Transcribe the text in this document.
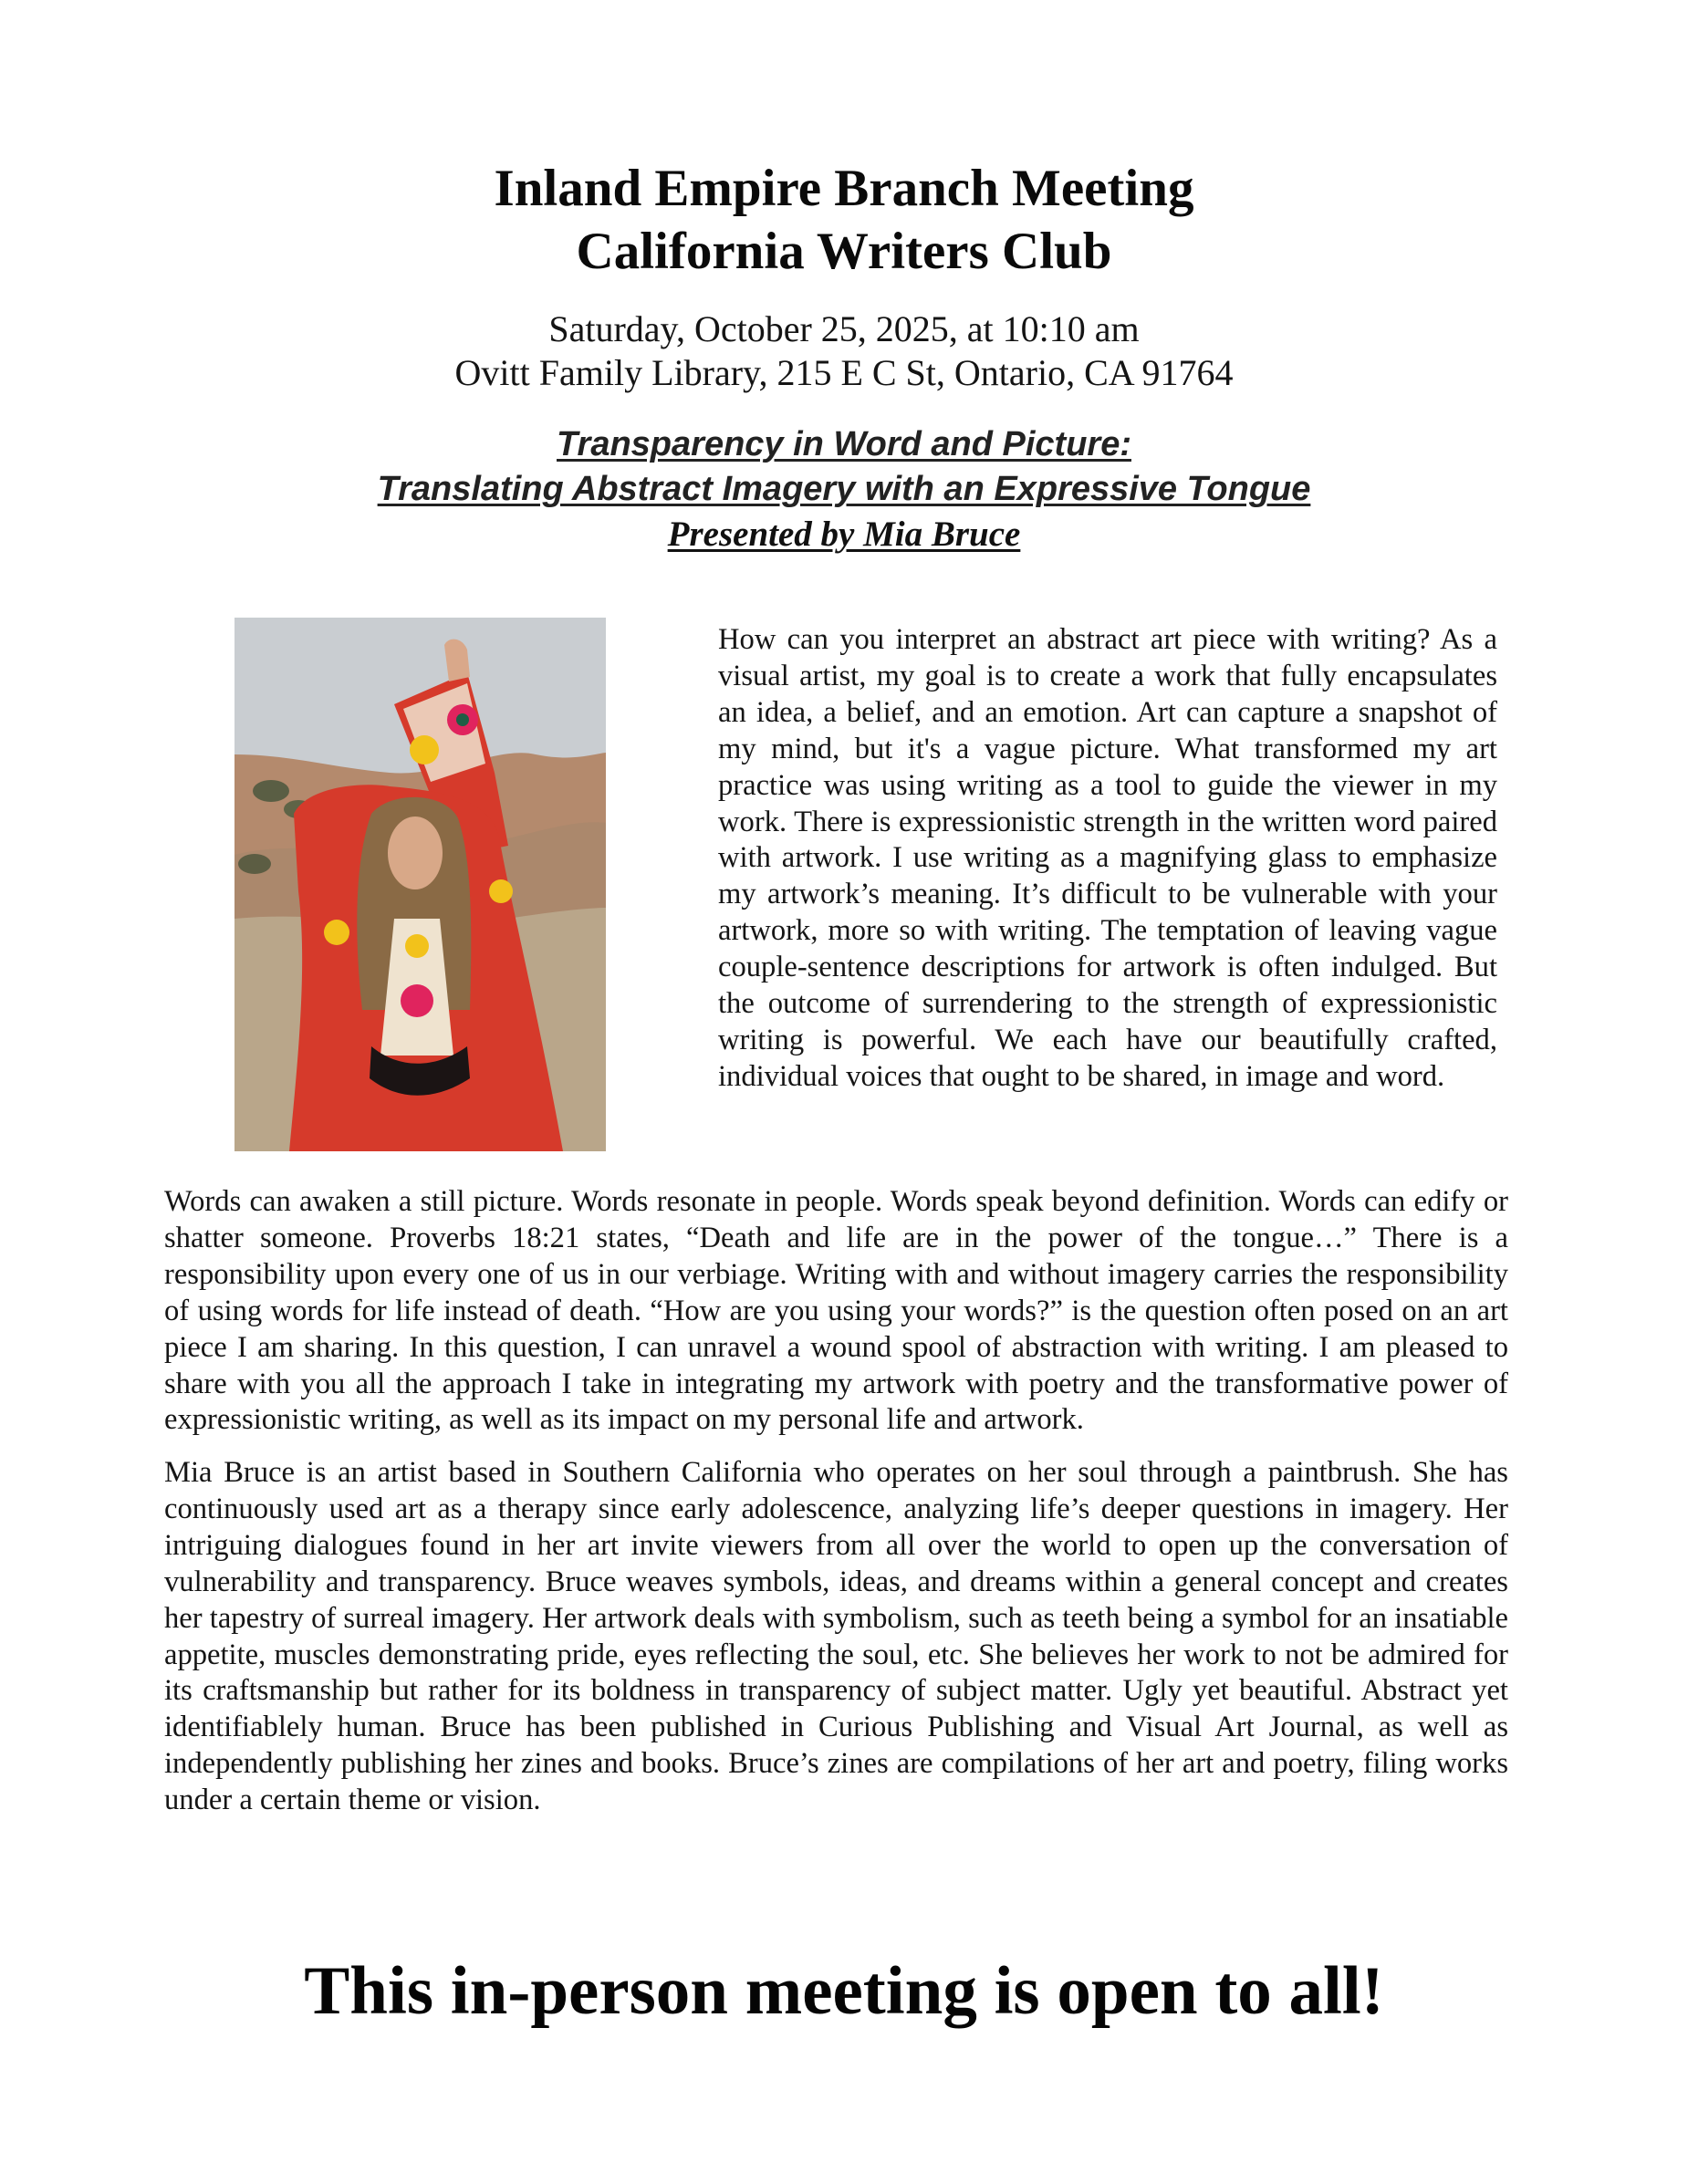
Inland Empire Branch Meeting
California Writers Club
Saturday, October 25, 2025, at 10:10 am
Ovitt Family Library, 215 E C St, Ontario, CA 91764
Transparency in Word and Picture:
Translating Abstract Imagery with an Expressive Tongue
Presented by Mia Bruce

How can you interpret an abstract art piece with writing? As a visual artist, my goal is to create a work that fully encapsulates an idea, a belief, and an emotion. Art can capture a snapshot of my mind, but it's a vague picture. What transformed my art practice was using writing as a tool to guide the viewer in my work. There is expressionistic strength in the written word paired with artwork. I use writing as a magnifying glass to emphasize my artwork’s meaning. It’s difficult to be vulnerable with your artwork, more so with writing. The temptation of leaving vague couple-sentence descriptions for artwork is often indulged. But the outcome of surrendering to the strength of expressionistic writing is powerful. We each have our beautifully crafted, individual voices that ought to be shared, in image and word.

Words can awaken a still picture. Words resonate in people. Words speak beyond definition. Words can edify or shatter someone. Proverbs 18:21 states, “Death and life are in the power of the tongue…” There is a responsibility upon every one of us in our verbiage. Writing with and without imagery carries the responsibility of using words for life instead of death. “How are you using your words?” is the question often posed on an art piece I am sharing. In this question, I can unravel a wound spool of abstraction with writing. I am pleased to share with you all the approach I take in integrating my artwork with poetry and the transformative power of expressionistic writing, as well as its impact on my personal life and artwork.

Mia Bruce is an artist based in Southern California who operates on her soul through a paintbrush. She has continuously used art as a therapy since early adolescence, analyzing life’s deeper questions in imagery. Her intriguing dialogues found in her art invite viewers from all over the world to open up the conversation of vulnerability and transparency. Bruce weaves symbols, ideas, and dreams within a general concept and creates her tapestry of surreal imagery. Her artwork deals with symbolism, such as teeth being a symbol for an insatiable appetite, muscles demonstrating pride, eyes reflecting the soul, etc. She believes her work to not be admired for its craftsmanship but rather for its boldness in transparency of subject matter. Ugly yet beautiful. Abstract yet identifiablely human. Bruce has been published in Curious Publishing and Visual Art Journal, as well as independently publishing her zines and books. Bruce’s zines are compilations of her art and poetry, filing works under a certain theme or vision.

This in-person meeting is open to all!
